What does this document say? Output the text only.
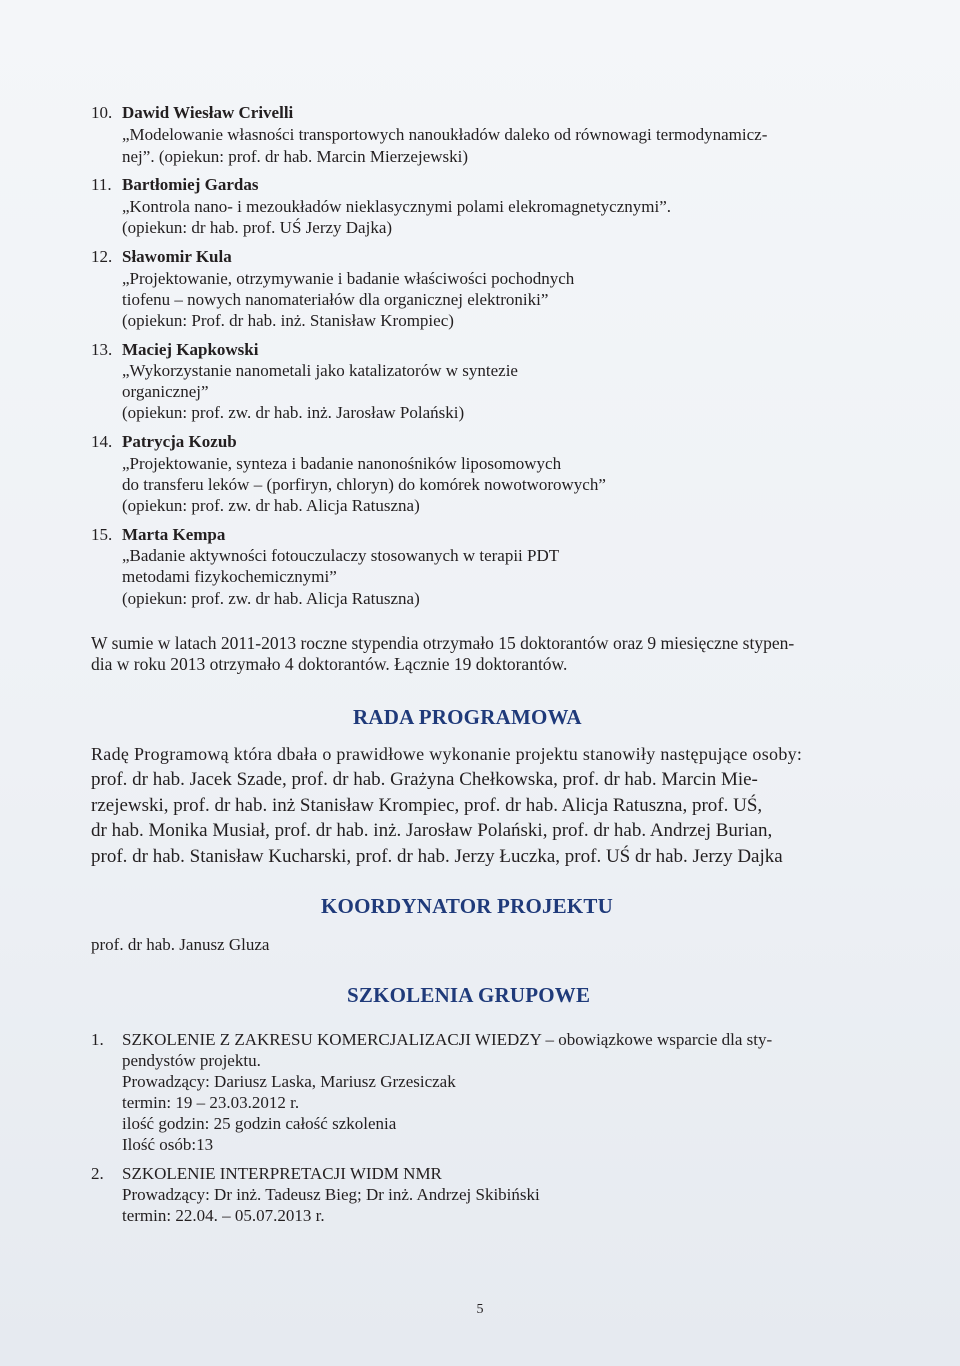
10. Dawid Wiesław Crivelli
„Modelowanie własności transportowych nanoukładów daleko od równowagi termodynamicz-
nej”. (opiekun: prof. dr hab. Marcin Mierzejewski)
11. Bartłomiej Gardas
„Kontrola nano- i mezoukładów nieklasycznymi polami elekromagnetycznymi”.
(opiekun: dr hab. prof. UŚ Jerzy Dajka)
12. Sławomir Kula
„Projektowanie, otrzymywanie i badanie właściwości pochodnych
tiofenu – nowych nanomateriałów dla organicznej elektroniki”
(opiekun: Prof. dr hab. inż. Stanisław Krompiec)
13. Maciej Kapkowski
„Wykorzystanie nanometali jako katalizatorów w syntezie
organicznej”
(opiekun: prof. zw. dr hab. inż. Jarosław Polański)
14. Patrycja Kozub
„Projektowanie, synteza i badanie nanonośników liposomowych
do transferu leków – (porfiryn, chloryn) do komórek nowotworowych”
(opiekun: prof. zw. dr hab. Alicja Ratuszna)
15. Marta Kempa
„Badanie aktywności fotouczulaczy stosowanych w terapii PDT
metodami fizykochemicznymi”
(opiekun: prof. zw. dr hab. Alicja Ratuszna)
W sumie w latach 2011-2013 roczne stypendia otrzymało 15 doktorantów oraz 9 miesięczne stypen-
dia w roku 2013 otrzymało 4 doktorantów. Łącznie 19 doktorantów.
RADA PROGRAMOWA
Radę Programową która dbała o prawidłowe wykonanie projektu stanowiły następujące osoby:
prof. dr hab. Jacek Szade, prof. dr hab. Grażyna Chełkowska, prof. dr hab. Marcin Mie-
rzejewski, prof. dr hab. inż Stanisław Krompiec, prof. dr hab. Alicja Ratuszna, prof. UŚ,
dr hab. Monika Musiał, prof. dr hab. inż. Jarosław Polański, prof. dr hab. Andrzej Burian,
prof. dr hab. Stanisław Kucharski, prof. dr hab. Jerzy Łuczka, prof. UŚ dr hab. Jerzy Dajka
KOORDYNATOR PROJEKTU
prof. dr hab. Janusz Gluza
SZKOLENIA GRUPOWE
1. SZKOLENIE Z ZAKRESU KOMERCJALIZACJI WIEDZY – obowiązkowe wsparcie dla sty-
pendystów projektu.
Prowadzący: Dariusz Laska, Mariusz Grzesiczak
termin: 19 – 23.03.2012 r.
ilość godzin: 25 godzin całość szkolenia
Ilość osób:13
2. SZKOLENIE INTERPRETACJI WIDM NMR
Prowadzący: Dr inż. Tadeusz Bieg; Dr inż. Andrzej Skibiński
termin: 22.04. – 05.07.2013 r.
5
